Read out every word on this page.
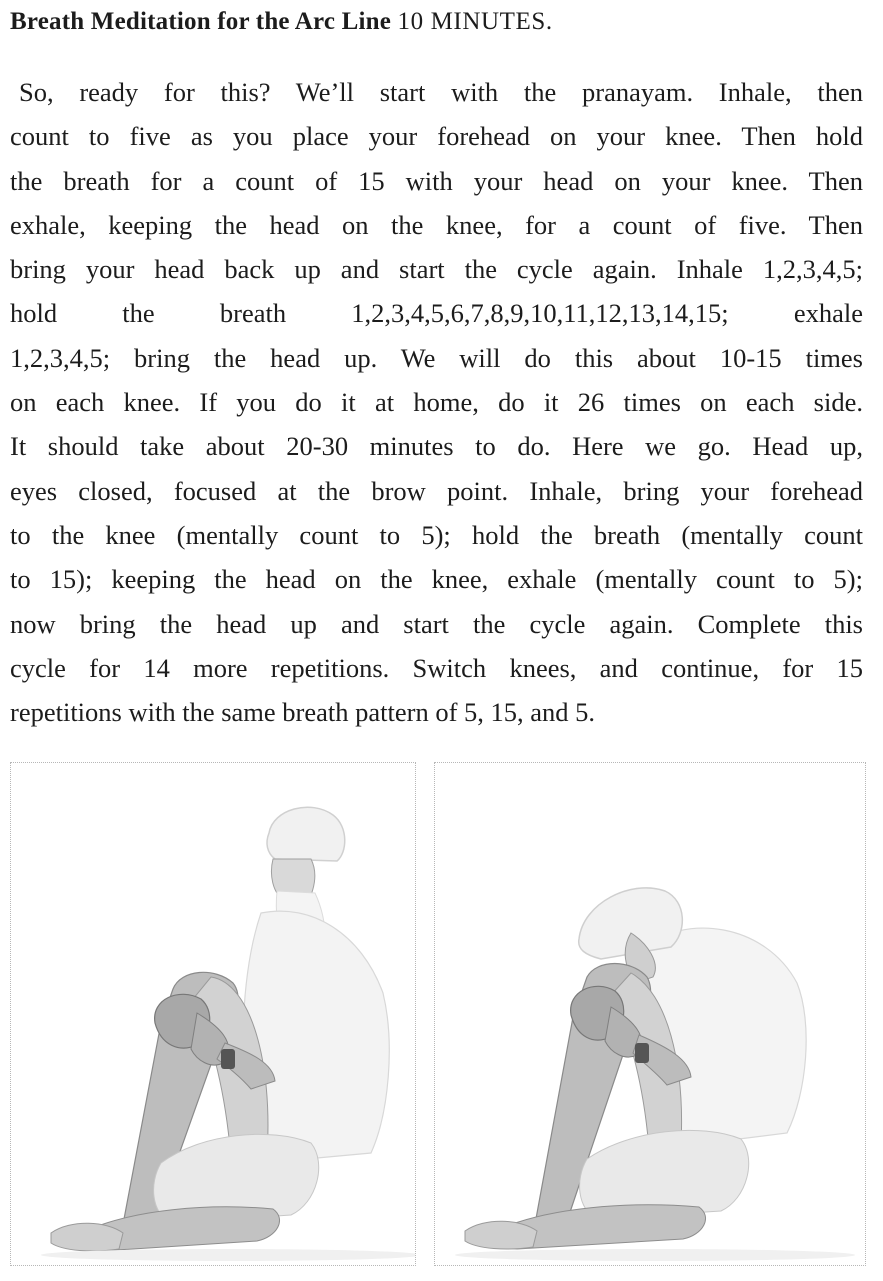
Breath Meditation for the Arc Line 10 MINUTES.
So, ready for this? We’ll start with the pranayam. Inhale, then
count to five as you place your forehead on your knee. Then hold
the breath for a count of 15 with your head on your knee. Then
exhale, keeping the head on the knee, for a count of five. Then
bring your head back up and start the cycle again. Inhale 1,2,3,4,5;
hold the breath 1,2,3,4,5,6,7,8,9,10,11,12,13,14,15; exhale
1,2,3,4,5; bring the head up. We will do this about 10-15 times
on each knee. If you do it at home, do it 26 times on each side.
It should take about 20-30 minutes to do. Here we go. Head up,
eyes closed, focused at the brow point. Inhale, bring your forehead
to the knee (mentally count to 5); hold the breath (mentally count
to 15); keeping the head on the knee, exhale (mentally count to 5);
now bring the head up and start the cycle again. Complete this
cycle for 14 more repetitions. Switch knees, and continue, for 15
repetitions with the same breath pattern of 5, 15, and 5.
